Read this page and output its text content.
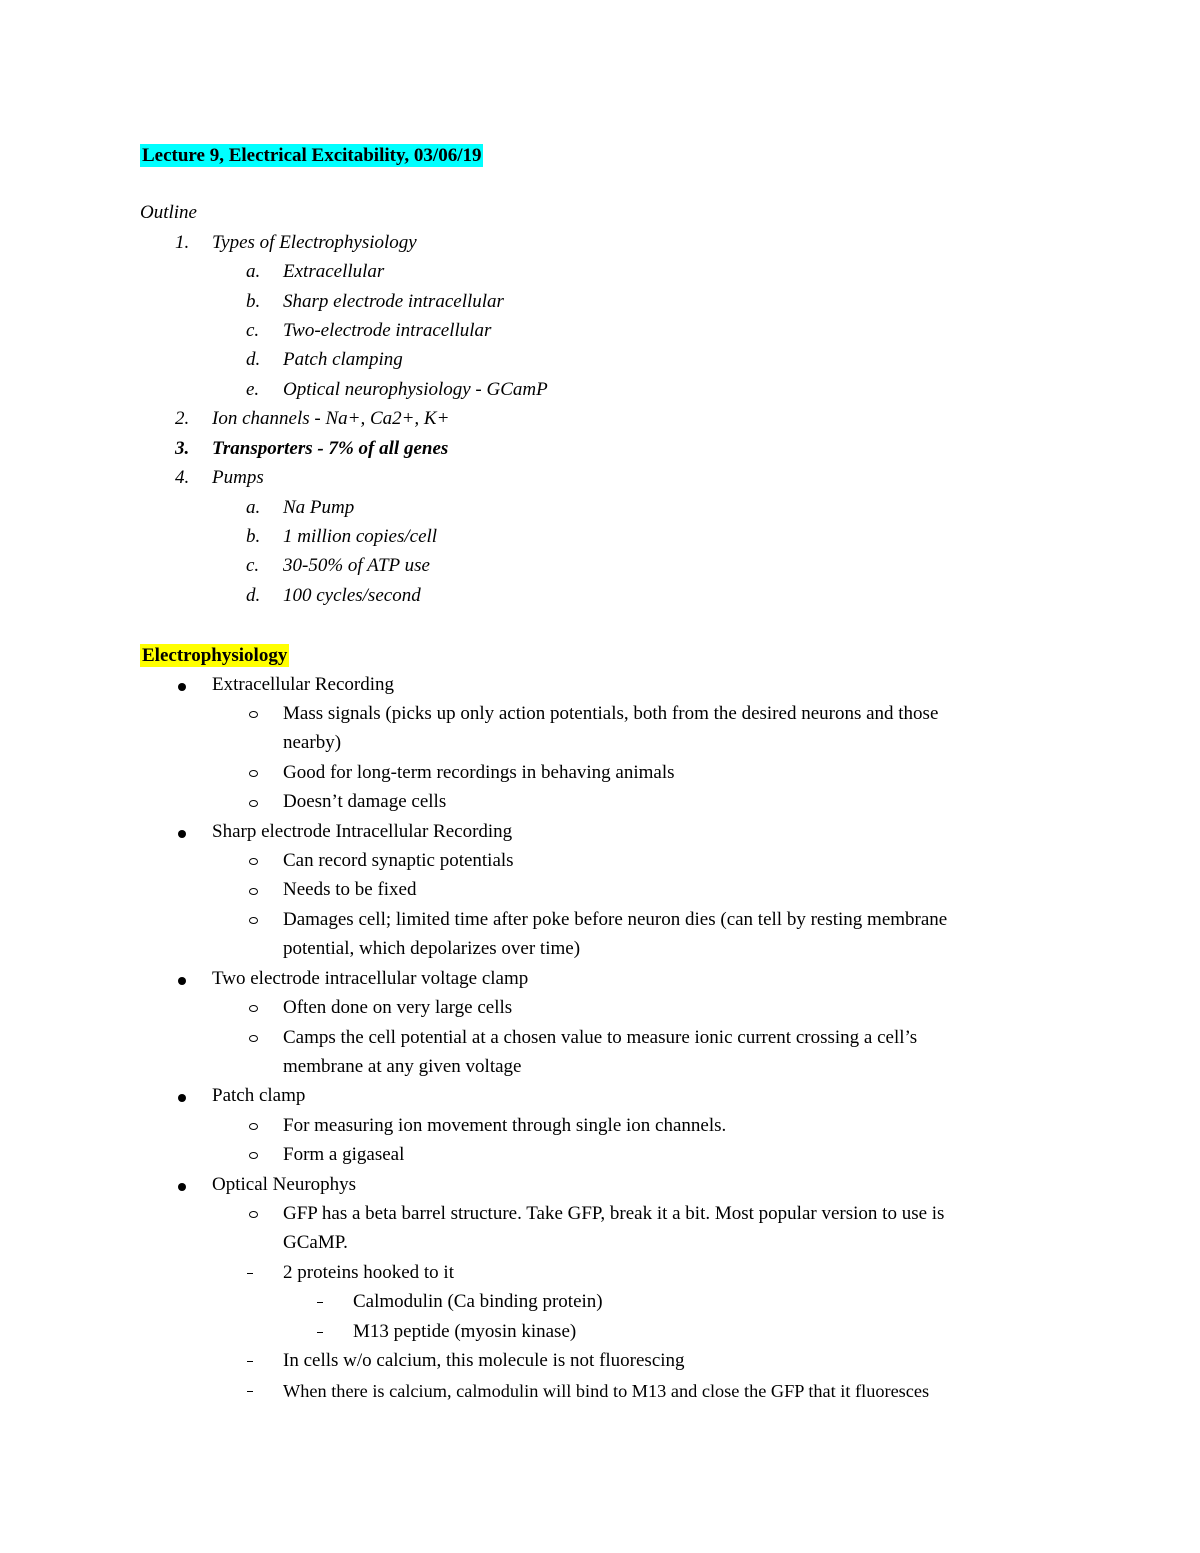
Lecture 9, Electrical Excitability, 03/06/19
Outline
1. Types of Electrophysiology
a. Extracellular
b. Sharp electrode intracellular
c. Two-electrode intracellular
d. Patch clamping
e. Optical neurophysiology - GCamP
2. Ion channels - Na+, Ca2+, K+
3. Transporters - 7% of all genes
4. Pumps
a. Na Pump
b. 1 million copies/cell
c. 30-50% of ATP use
d. 100 cycles/second
Electrophysiology
Extracellular Recording
Mass signals (picks up only action potentials, both from the desired neurons and those
nearby)
Good for long-term recordings in behaving animals
Doesn’t damage cells
Sharp electrode Intracellular Recording
Can record synaptic potentials
Needs to be fixed
Damages cell; limited time after poke before neuron dies (can tell by resting membrane
potential, which depolarizes over time)
Two electrode intracellular voltage clamp
Often done on very large cells
Camps the cell potential at a chosen value to measure ionic current crossing a cell’s
membrane at any given voltage
Patch clamp
For measuring ion movement through single ion channels.
Form a gigaseal
Optical Neurophys
GFP has a beta barrel structure. Take GFP, break it a bit. Most popular version to use is
GCaMP.
2 proteins hooked to it
Calmodulin (Ca binding protein)
M13 peptide (myosin kinase)
In cells w/o calcium, this molecule is not fluorescing
When there is calcium, calmodulin will bind to M13 and close the GFP that it fluoresces
